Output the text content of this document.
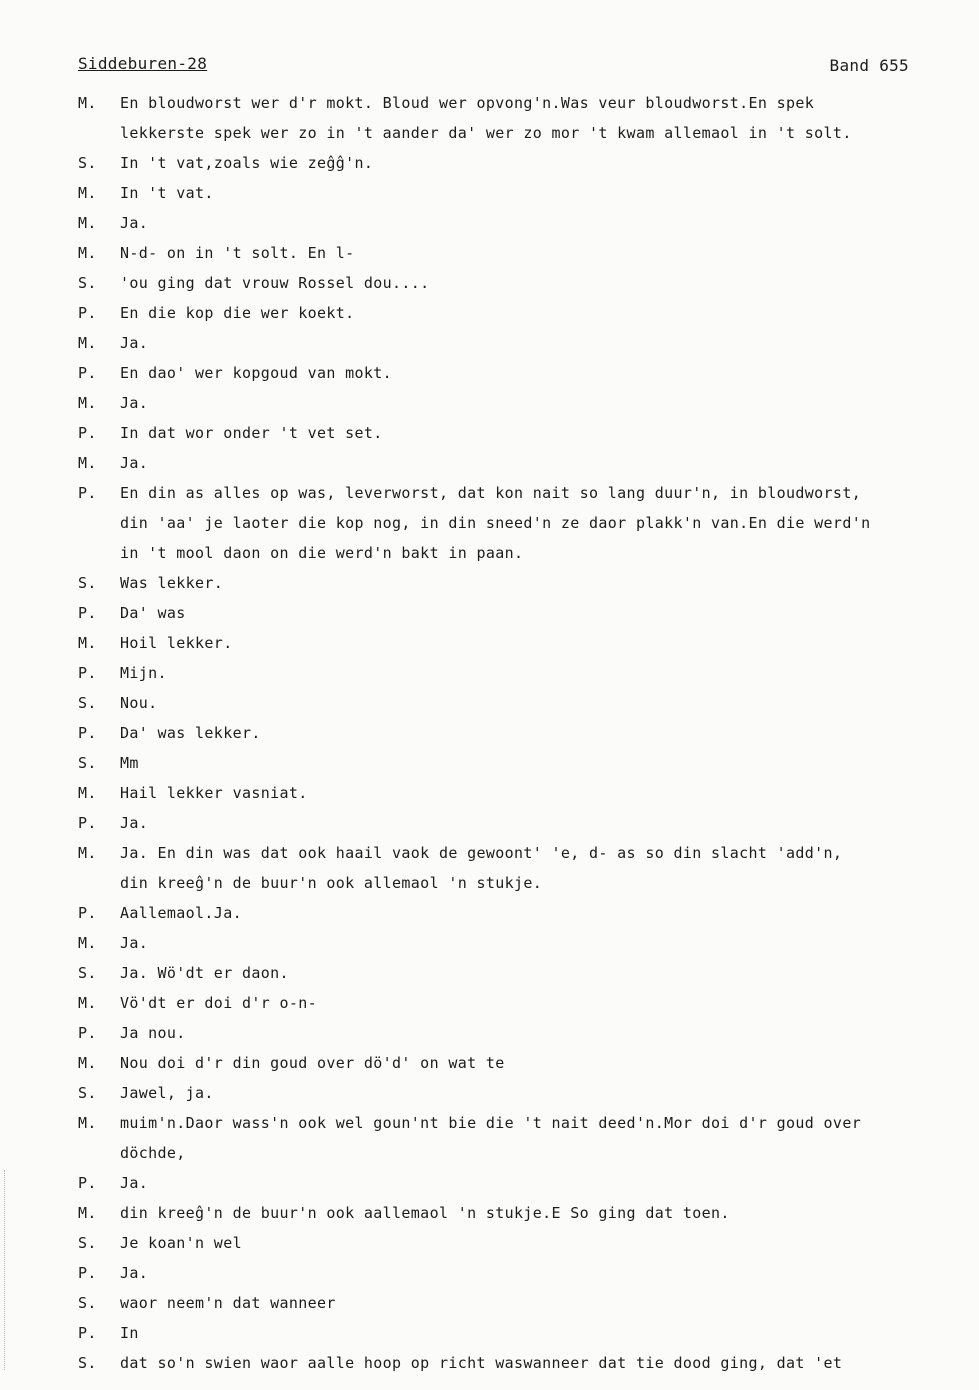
Siddeburen-28	Band 655
M.	En bloudworst wer d'r mokt. Bloud wer opvong'n.Was veur bloudworst.En spek
lekkerste spek wer zo in 't aander da' wer zo mor 't kwam allemaol in 't solt.
S.	In 't vat,zoals wie zeĝĝ'n.
M.	In 't vat.
M.	Ja.
M.	N-d- on in 't solt. En l-
S.	'ou ging dat vrouw Rossel dou....
P.	En die kop die wer koekt.
M.	Ja.
P.	En dao' wer kopgoud van mokt.
M.	Ja.
P.	In dat wor onder 't vet set.
M.	Ja.
P.	En din as alles op was, leverworst, dat kon nait so lang duur'n, in bloudworst,
din 'aa' je laoter die kop nog, in din sneed'n ze daor plakk'n van.En die werd'n
in 't mool daon on die werd'n bakt in paan.
S.	Was lekker.
P.	Da' was
M.	Hoil lekker.
P.	Mijn.
S.	Nou.
P.	Da' was lekker.
S.	Mm
M.	Hail lekker vasniat.
P.	Ja.
M.	Ja. En din was dat ook haail vaok de gewoont' 'e, d- as so din slacht 'add'n,
din kreeĝ'n de buur'n ook allemaol 'n stukje.
P.	Aallemaol.Ja.
M.	Ja.
S.	Ja. Wö'dt er daon.
M.	Vö'dt er doi d'r o-n-
P.	Ja nou.
M.	Nou doi d'r din goud over dö'd' on wat te
S.	Jawel, ja.
M.	muim'n.Daor wass'n ook wel goun'nt bie die 't nait deed'n.Mor doi d'r goud over
döchde,
P.	Ja.
M.	din kreeĝ'n de buur'n ook aallemaol 'n stukje.E So ging dat toen.
S.	Je koan'n wel
P.	Ja.
S.	waor neem'n dat wanneer
P.	In
S.	dat so'n swien waor aalle hoop op richt waswanneer dat tie dood ging, dat 'et
